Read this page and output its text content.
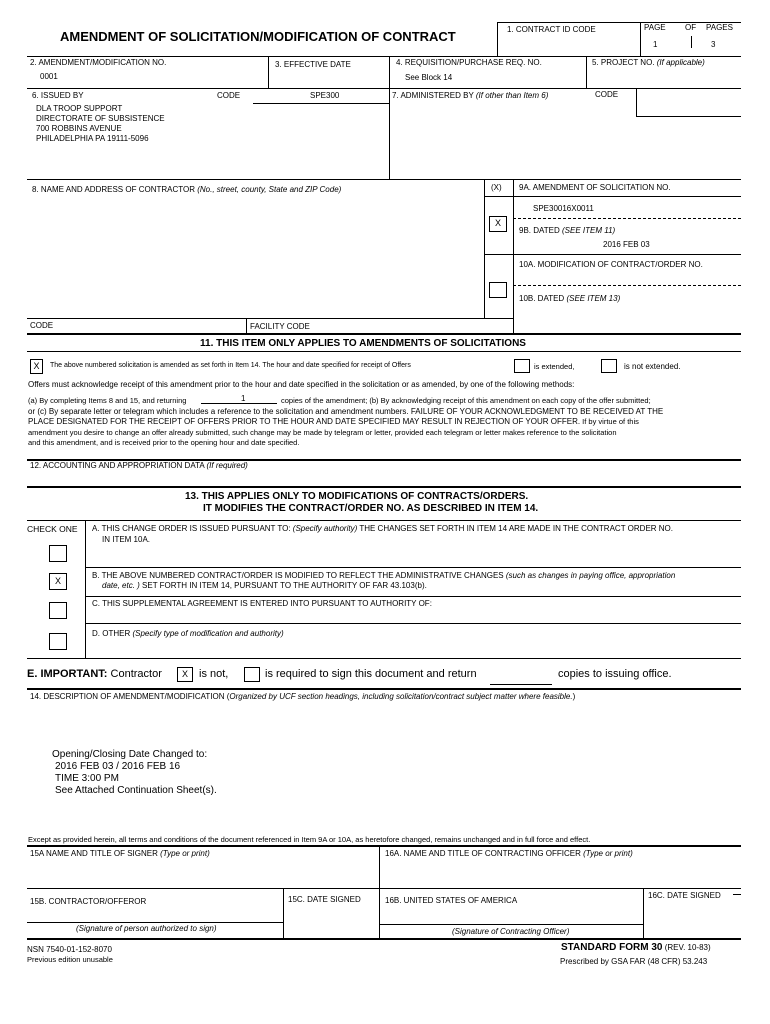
AMENDMENT OF SOLICITATION/MODIFICATION OF CONTRACT	1. CONTRACT ID CODE	PAGE OF PAGES
1	3
2. AMENDMENT/MODIFICATION NO.
0001
3. EFFECTIVE DATE	4. REQUISITION/PURCHASE REQ. NO.
See Block 14
5. PROJECT NO. (If applicable)
6. ISSUED BY	CODE	SPE300
DLA TROOP SUPPORT
DIRECTORATE OF SUBSISTENCE
700 ROBBINS AVENUE
PHILADELPHIA PA 19111-5096
7. ADMINISTERED BY (If other than Item 6)	CODE
8. NAME AND ADDRESS OF CONTRACTOR (No., street, county, State and ZIP Code)	(X) 9A. AMENDMENT OF SOLICITATION NO.
SPE30016X0011
X
9B. DATED (SEE ITEM 11)
2016 FEB 03
10A. MODIFICATION OF CONTRACT/ORDER NO.
10B. DATED (SEE ITEM 13)
CODE	FACILITY CODE
11. THIS ITEM ONLY APPLIES TO AMENDMENTS OF SOLICITATIONS
X	The above numbered solicitation is amended as set forth in Item 14. The hour and date specified for receipt of Offers	is extended,	is not extended.
Offers must acknowledge receipt of this amendment prior to the hour and date specified in the solicitation or as amended, by one of the following methods:
(a) By completing Items 8 and 15, and returning	1	copies of the amendment; (b) By acknowledging receipt of this amendment on each copy of the offer submitted;
or (c) By separate letter or telegram which includes a reference to the solicitation and amendment numbers. FAILURE OF YOUR ACKNOWLEDGMENT TO BE RECEIVED AT THE
PLACE DESIGNATED FOR THE RECEIPT OF OFFERS PRIOR TO THE HOUR AND DATE SPECIFIED MAY RESULT IN REJECTION OF YOUR OFFER. If by virtue of this
amendment you desire to change an offer already submitted, such change may be made by telegram or letter, provided each telegram or letter makes reference to the solicitation
and this amendment, and is received prior to the opening hour and date specified.
12. ACCOUNTING AND APPROPRIATION DATA (If required)
13. THIS APPLIES ONLY TO MODIFICATIONS OF CONTRACTS/ORDERS.
IT MODIFIES THE CONTRACT/ORDER NO. AS DESCRIBED IN ITEM 14.
CHECK ONE A. THIS CHANGE ORDER IS ISSUED PURSUANT TO: (Specify authority) THE CHANGES SET FORTH IN ITEM 14 ARE MADE IN THE CONTRACT ORDER NO.
IN ITEM 10A.
X
B. THE ABOVE NUMBERED CONTRACT/ORDER IS MODIFIED TO REFLECT THE ADMINISTRATIVE CHANGES (such as changes in paying office, appropriation
date, etc. ) SET FORTH IN ITEM 14, PURSUANT TO THE AUTHORITY OF FAR 43.103(b).
C. THIS SUPPLEMENTAL AGREEMENT IS ENTERED INTO PURSUANT TO AUTHORITY OF:
D. OTHER (Specify type of modification and authority)
E. IMPORTANT: Contractor	X	is not,	is required to sign this document and return	copies to issuing office.
14. DESCRIPTION OF AMENDMENT/MODIFICATION (Organized by UCF section headings, including solicitation/contract subject matter where feasible.)
Opening/Closing Date Changed to:
2016 FEB 03 / 2016 FEB 16
TIME 3:00 PM
See Attached Continuation Sheet(s).
Except as provided herein, all terms and conditions of the document referenced in Item 9A or 10A, as heretofore changed, remains unchanged and in full force and effect.
15A NAME AND TITLE OF SIGNER (Type or print)	16A. NAME AND TITLE OF CONTRACTING OFFICER (Type or print)
15B. CONTRACTOR/OFFEROR	15C. DATE SIGNED	16B. UNITED STATES OF AMERICA
16C. DATE SIGNED
(Signature of person authorized to sign)	(Signature of Contracting Officer)
NSN 7540-01-152-8070
Previous edition unusable
STANDARD FORM 30 (REV. 10-83)
Prescribed by GSA FAR (48 CFR) 53.243
